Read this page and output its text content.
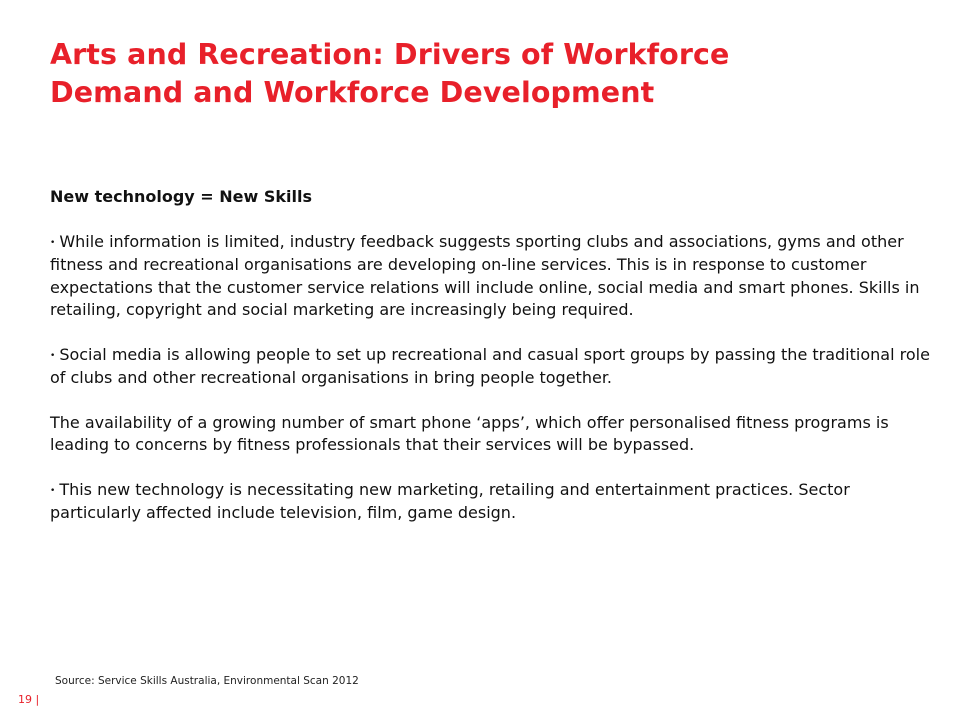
Arts and Recreation: Drivers of Workforce Demand and Workforce Development

New technology = New Skills

• While information is limited, industry feedback suggests sporting clubs and associations, gyms and other fitness and recreational organisations are developing on-line services. This is in response to customer expectations that the customer service relations will include online, social media and smart phones. Skills in retailing, copyright and social marketing are increasingly being required.

• Social media is allowing people to set up recreational and casual sport groups by passing the traditional role of clubs and other recreational organisations in bring people together.

The availability of a growing number of smart phone ‘apps’, which offer personalised fitness programs is leading to concerns by fitness professionals that their services will be bypassed.

• This new technology is necessitating new marketing, retailing and entertainment practices. Sector particularly affected include television, film, game design.

Source: Service Skills Australia, Environmental Scan 2012
19 |
